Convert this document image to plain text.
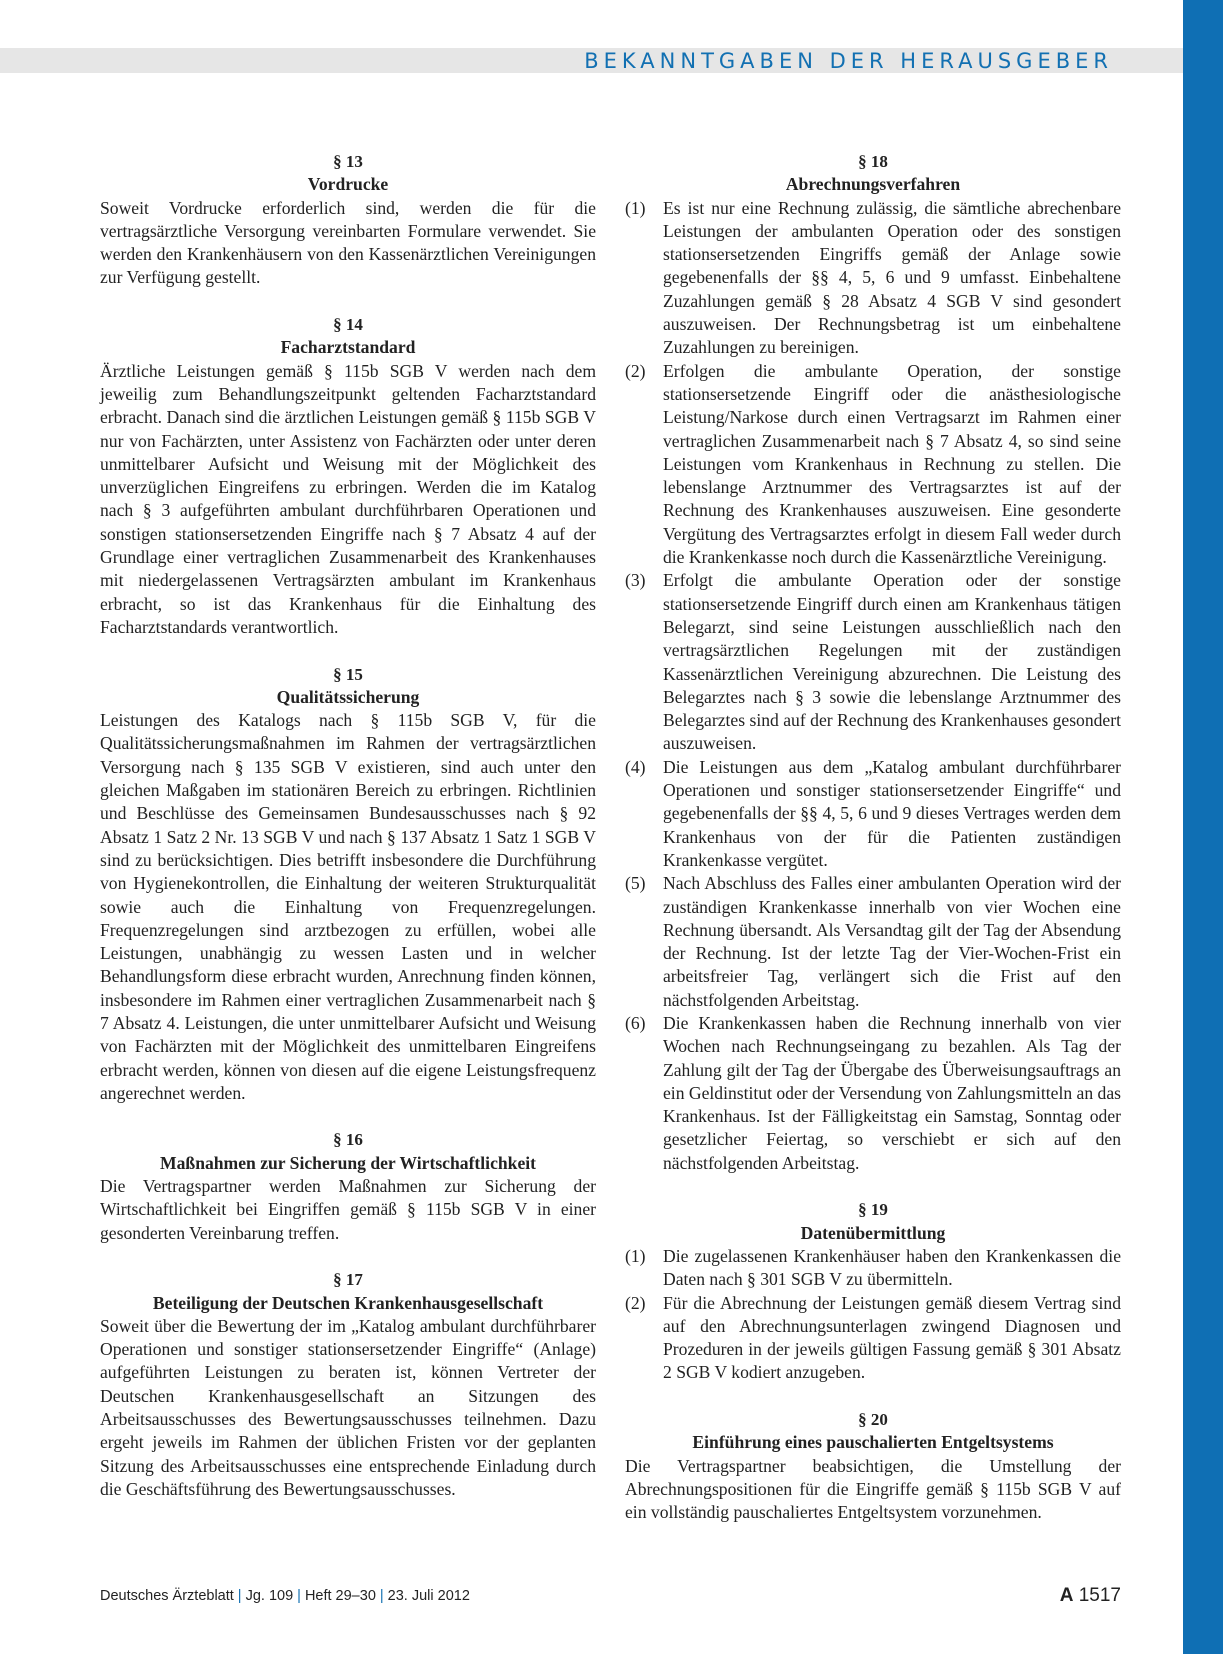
BEKANNTGABEN DER HERAUSGEBER
§ 13
Vordrucke

Soweit Vordrucke erforderlich sind, werden die für die vertragsärztliche Versorgung vereinbarten Formulare verwendet. Sie werden den Krankenhäusern von den Kassenärztlichen Vereinigungen zur Verfügung gestellt.

§ 14
Facharztstandard

Ärztliche Leistungen gemäß § 115b SGB V werden nach dem jeweilig zum Behandlungszeitpunkt geltenden Facharztstandard erbracht. Danach sind die ärztlichen Leistungen gemäß § 115b SGB V nur von Fachärzten, unter Assistenz von Fachärzten oder unter deren unmittelbarer Aufsicht und Weisung mit der Möglichkeit des unverzüglichen Eingreifens zu erbringen. Werden die im Katalog nach § 3 aufgeführten ambulant durchführbaren Operationen und sonstigen stationsersetzenden Eingriffe nach § 7 Absatz 4 auf der Grundlage einer vertraglichen Zusammenarbeit des Krankenhauses mit niedergelassenen Vertragsärzten ambulant im Krankenhaus erbracht, so ist das Krankenhaus für die Einhaltung des Facharztstandards verantwortlich.

§ 15
Qualitätssicherung

Leistungen des Katalogs nach § 115b SGB V, für die Qualitätssicherungsmaßnahmen im Rahmen der vertragsärztlichen Versorgung nach § 135 SGB V existieren, sind auch unter den gleichen Maßgaben im stationären Bereich zu erbringen. Richtlinien und Beschlüsse des Gemeinsamen Bundesausschusses nach § 92 Absatz 1 Satz 2 Nr. 13 SGB V und nach § 137 Absatz 1 Satz 1 SGB V sind zu berücksichtigen. Dies betrifft insbesondere die Durchführung von Hygienekontrollen, die Einhaltung der weiteren Strukturqualität sowie auch die Einhaltung von Frequenzregelungen. Frequenzregelungen sind arztbezogen zu erfüllen, wobei alle Leistungen, unabhängig zu wessen Lasten und in welcher Behandlungsform diese erbracht wurden, Anrechnung finden können, insbesondere im Rahmen einer vertraglichen Zusammenarbeit nach § 7 Absatz 4. Leistungen, die unter unmittelbarer Aufsicht und Weisung von Fachärzten mit der Möglichkeit des unmittelbaren Eingreifens erbracht werden, können von diesen auf die eigene Leistungsfrequenz angerechnet werden.

§ 16
Maßnahmen zur Sicherung der Wirtschaftlichkeit

Die Vertragspartner werden Maßnahmen zur Sicherung der Wirtschaftlichkeit bei Eingriffen gemäß § 115b SGB V in einer gesonderten Vereinbarung treffen.

§ 17
Beteiligung der Deutschen Krankenhausgesellschaft

Soweit über die Bewertung der im „Katalog ambulant durchführbarer Operationen und sonstiger stationsersetzender Eingriffe“ (Anlage) aufgeführten Leistungen zu beraten ist, können Vertreter der Deutschen Krankenhausgesellschaft an Sitzungen des Arbeitsausschusses des Bewertungsausschusses teilnehmen. Dazu ergeht jeweils im Rahmen der üblichen Fristen vor der geplanten Sitzung des Arbeitsausschusses eine entsprechende Einladung durch die Geschäftsführung des Bewertungsausschusses.

§ 18
Abrechnungsverfahren
(1) Es ist nur eine Rechnung zulässig, die sämtliche abrechenbare Leistungen der ambulanten Operation oder des sonstigen stationsersetzenden Eingriffs gemäß der Anlage sowie gegebenenfalls der §§ 4, 5, 6 und 9 umfasst. Einbehaltene Zuzahlungen gemäß § 28 Absatz 4 SGB V sind gesondert auszuweisen. Der Rechnungsbetrag ist um einbehaltene Zuzahlungen zu bereinigen.
(2) Erfolgen die ambulante Operation, der sonstige stationsersetzende Eingriff oder die anästhesiologische Leistung/Narkose durch einen Vertragsarzt im Rahmen einer vertraglichen Zusammenarbeit nach § 7 Absatz 4, so sind seine Leistungen vom Krankenhaus in Rechnung zu stellen. Die lebenslange Arztnummer des Vertragsarztes ist auf der Rechnung des Krankenhauses auszuweisen. Eine gesonderte Vergütung des Vertragsarztes erfolgt in diesem Fall weder durch die Krankenkasse noch durch die Kassenärztliche Vereinigung.
(3) Erfolgt die ambulante Operation oder der sonstige stationsersetzende Eingriff durch einen am Krankenhaus tätigen Belegarzt, sind seine Leistungen ausschließlich nach den vertragsärztlichen Regelungen mit der zuständigen Kassenärztlichen Vereinigung abzurechnen. Die Leistung des Belegarztes nach § 3 sowie die lebenslange Arztnummer des Belegarztes sind auf der Rechnung des Krankenhauses gesondert auszuweisen.
(4) Die Leistungen aus dem „Katalog ambulant durchführbarer Operationen und sonstiger stationsersetzender Eingriffe“ und gegebenenfalls der §§ 4, 5, 6 und 9 dieses Vertrages werden dem Krankenhaus von der für die Patienten zuständigen Krankenkasse vergütet.
(5) Nach Abschluss des Falles einer ambulanten Operation wird der zuständigen Krankenkasse innerhalb von vier Wochen eine Rechnung übersandt. Als Versandtag gilt der Tag der Absendung der Rechnung. Ist der letzte Tag der Vier-Wochen-Frist ein arbeitsfreier Tag, verlängert sich die Frist auf den nächstfolgenden Arbeitstag.
(6) Die Krankenkassen haben die Rechnung innerhalb von vier Wochen nach Rechnungseingang zu bezahlen. Als Tag der Zahlung gilt der Tag der Übergabe des Überweisungsauftrags an ein Geldinstitut oder der Versendung von Zahlungsmitteln an das Krankenhaus. Ist der Fälligkeitstag ein Samstag, Sonntag oder gesetzlicher Feiertag, so verschiebt er sich auf den nächstfolgenden Arbeitstag.
§ 19
Datenübermittlung
(1) Die zugelassenen Krankenhäuser haben den Krankenkassen die Daten nach § 301 SGB V zu übermitteln.
(2) Für die Abrechnung der Leistungen gemäß diesem Vertrag sind auf den Abrechnungsunterlagen zwingend Diagnosen und Prozeduren in der jeweils gültigen Fassung gemäß § 301 Absatz 2 SGB V kodiert anzugeben.
§ 20
Einführung eines pauschalierten Entgeltsystems

Die Vertragspartner beabsichtigen, die Umstellung der Abrechnungspositionen für die Eingriffe gemäß § 115b SGB V auf ein vollständig pauschaliertes Entgeltsystem vorzunehmen.

Deutsches Ärzteblatt | Jg. 109 | Heft 29–30 | 23. Juli 2012	A 1517
